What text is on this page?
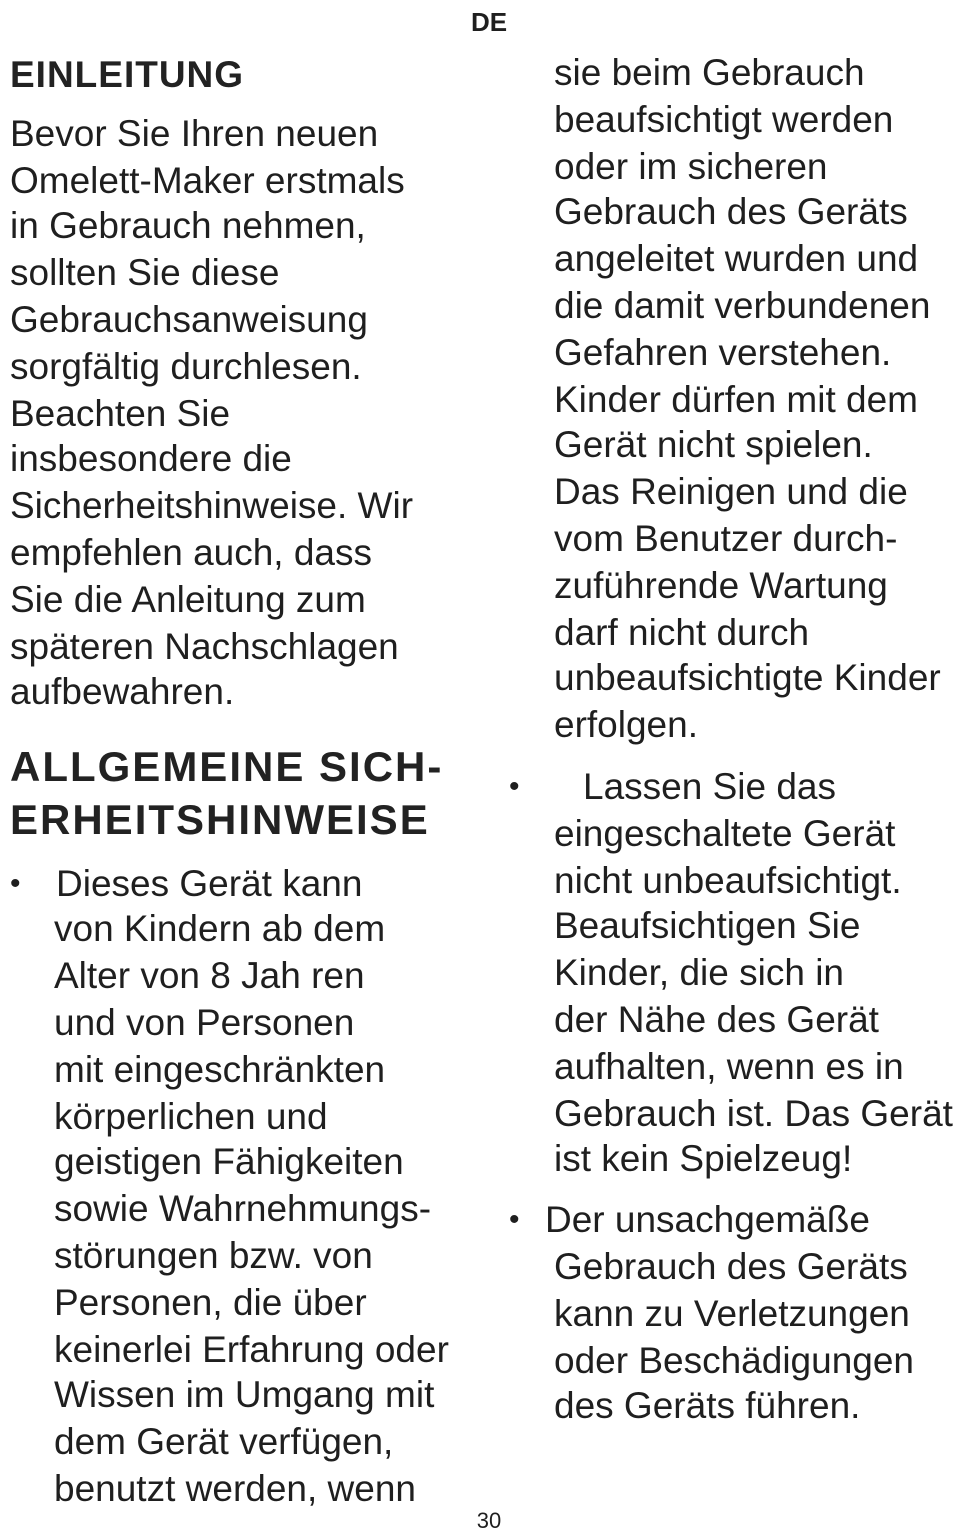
DE
EINLEITUNG
Bevor Sie Ihren neuen
Omelett-Maker erstmals
in Gebrauch nehmen,
sollten Sie diese
Gebrauchsanweisung
sorgfältig durchlesen.
Beachten Sie
insbesondere die
Sicherheitshinweise. Wir
empfehlen auch, dass
Sie die Anleitung zum
späteren Nachschlagen
aufbewahren.
ALLGEMEINE SICH-
ERHEITSHINWEISE
• Dieses Gerät kann
von Kindern ab dem
Alter von 8 Jah ren
und von Personen
mit eingeschränkten
körperlichen und
geistigen Fähigkeiten
sowie Wahrnehmungs-
störungen bzw. von
Personen, die über
keinerlei Erfahrung oder
Wissen im Umgang mit
dem Gerät verfügen,
benutzt werden, wenn
sie beim Gebrauch
beaufsichtigt werden
oder im sicheren
Gebrauch des Geräts
angeleitet wurden und
die damit verbundenen
Gefahren verstehen.
Kinder dürfen mit dem
Gerät nicht spielen.
Das Reinigen und die
vom Benutzer durch-
zuführende Wartung
darf nicht durch
unbeaufsichtigte Kinder
erfolgen.
• Lassen Sie das
eingeschaltete Gerät
nicht unbeaufsichtigt.
Beaufsichtigen Sie
Kinder, die sich in
der Nähe des Gerät
aufhalten, wenn es in
Gebrauch ist. Das Gerät
ist kein Spielzeug!
• Der unsachgemäße
Gebrauch des Geräts
kann zu Verletzungen
oder Beschädigungen
des Geräts führen.
30
